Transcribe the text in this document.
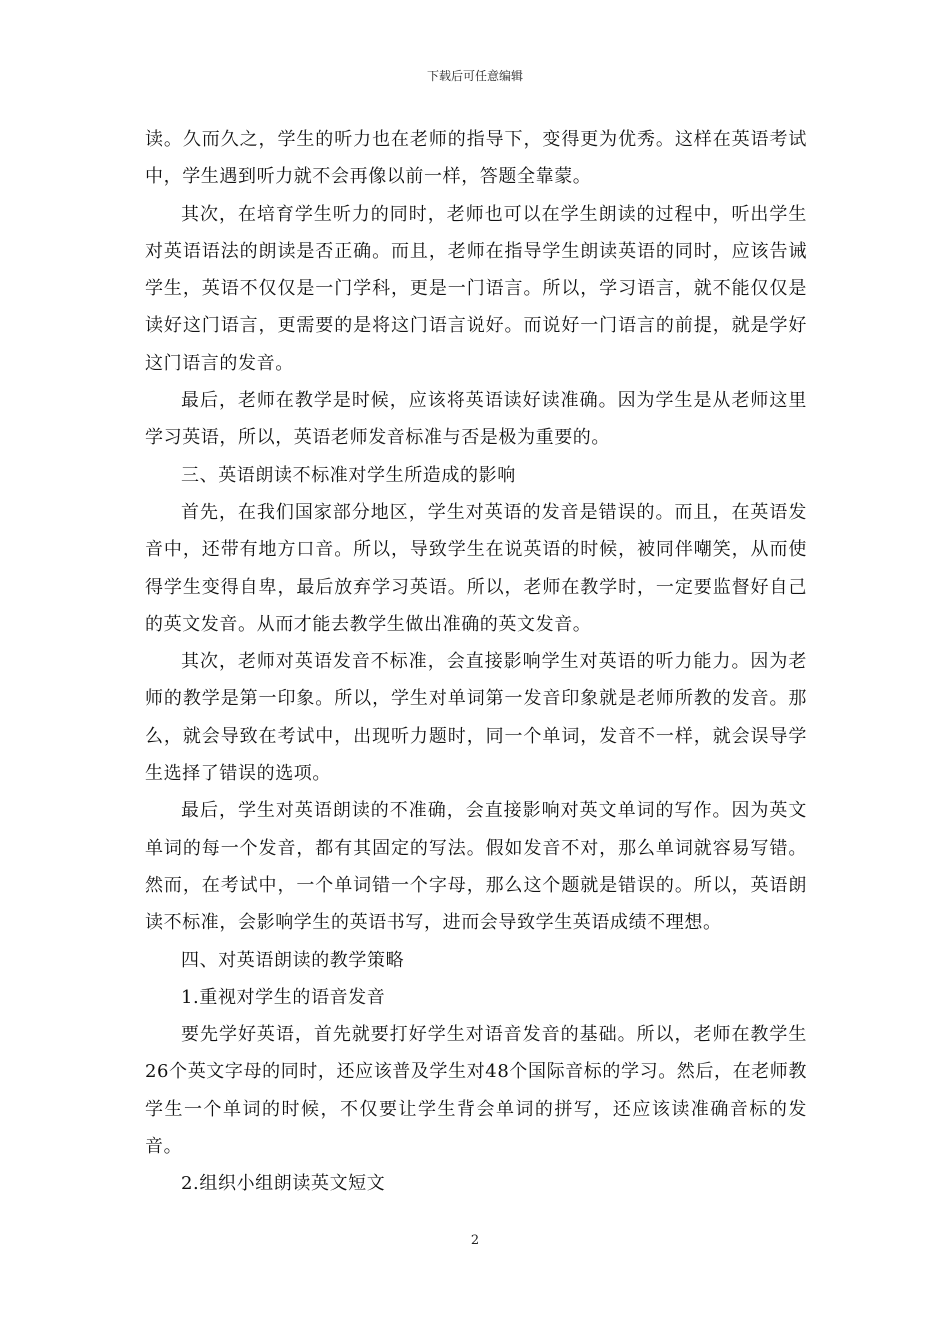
下载后可任意编辑

读。久而久之，学生的听力也在老师的指导下，变得更为优秀。这样在英语考试中，学生遇到听力就不会再像以前一样，答题全靠蒙。

其次，在培育学生听力的同时，老师也可以在学生朗读的过程中，听出学生对英语语法的朗读是否正确。而且，老师在指导学生朗读英语的同时，应该告诫学生，英语不仅仅是一门学科，更是一门语言。所以，学习语言，就不能仅仅是读好这门语言，更需要的是将这门语言说好。而说好一门语言的前提，就是学好这门语言的发音。

最后，老师在教学是时候，应该将英语读好读准确。因为学生是从老师这里学习英语，所以，英语老师发音标准与否是极为重要的。

三、英语朗读不标准对学生所造成的影响

首先，在我们国家部分地区，学生对英语的发音是错误的。而且，在英语发音中，还带有地方口音。所以，导致学生在说英语的时候，被同伴嘲笑，从而使得学生变得自卑，最后放弃学习英语。所以，老师在教学时，一定要监督好自己的英文发音。从而才能去教学生做出准确的英文发音。

其次，老师对英语发音不标准，会直接影响学生对英语的听力能力。因为老师的教学是第一印象。所以，学生对单词第一发音印象就是老师所教的发音。那么，就会导致在考试中，出现听力题时，同一个单词，发音不一样，就会误导学生选择了错误的选项。

最后，学生对英语朗读的不准确，会直接影响对英文单词的写作。因为英文单词的每一个发音，都有其固定的写法。假如发音不对，那么单词就容易写错。然而，在考试中，一个单词错一个字母，那么这个题就是错误的。所以，英语朗读不标准，会影响学生的英语书写，进而会导致学生英语成绩不理想。

四、对英语朗读的教学策略

1.重视对学生的语音发音

要先学好英语，首先就要打好学生对语音发音的基础。所以，老师在教学生26个英文字母的同时，还应该普及学生对48个国际音标的学习。然后，在老师教学生一个单词的时候，不仅要让学生背会单词的拼写，还应该读准确音标的发音。

2.组织小组朗读英文短文

2
